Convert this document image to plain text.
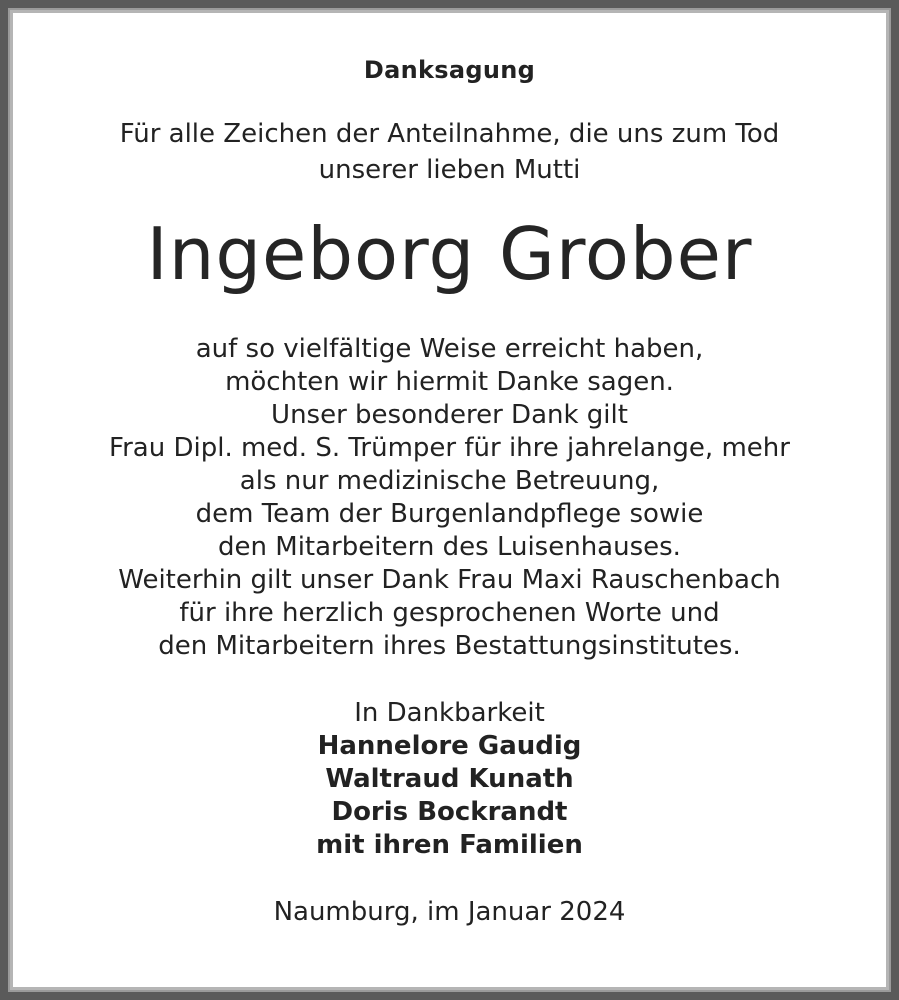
Danksagung
Für alle Zeichen der Anteilnahme, die uns zum Tod
unserer lieben Mutti
Ingeborg Grober
auf so vielfältige Weise erreicht haben,
möchten wir hiermit Danke sagen.
Unser besonderer Dank gilt
Frau Dipl. med. S. Trümper für ihre jahrelange, mehr
als nur medizinische Betreuung,
dem Team der Burgenlandpflege sowie
den Mitarbeitern des Luisenhauses.
Weiterhin gilt unser Dank Frau Maxi Rauschenbach
für ihre herzlich gesprochenen Worte und
den Mitarbeitern ihres Bestattungsinstitutes.
In Dankbarkeit
Hannelore Gaudig
Waltraud Kunath
Doris Bockrandt
mit ihren Familien
Naumburg, im Januar 2024
